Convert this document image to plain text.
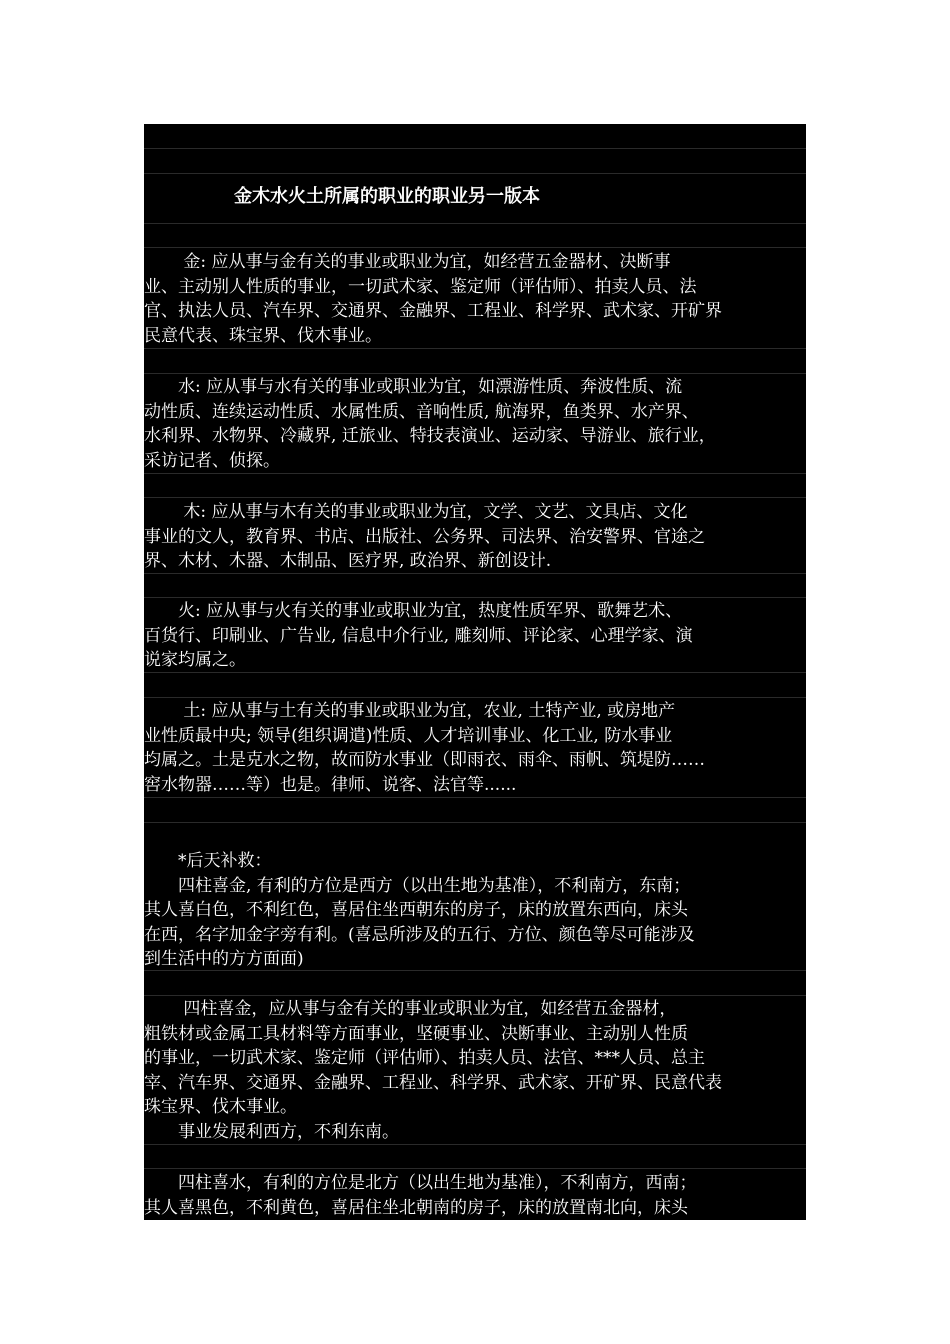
金木水火土所属的职业的职业另一版本
　　 金: 应从事与金有关的事业或职业为宜，如经营五金器材、决断事
业、主动别人性质的事业，一切武术家、鉴定师（评估师）、拍卖人员、法
官、执法人员、汽车界、交通界、金融界、工程业、科学界、武术家、开矿界
民意代表、珠宝界、伐木事业。
　　水: 应从事与水有关的事业或职业为宜，如漂游性质、奔波性质、流
动性质、连续运动性质、水属性质、音响性质, 航海界，鱼类界、水产界、
水利界、水物界、冷藏界, 迁旅业、特技表演业、运动家、导游业、旅行业，
采访记者、侦探。
　　 木: 应从事与木有关的事业或职业为宜，文学、文艺、文具店、文化
事业的文人，教育界、书店、出版社、公务界、司法界、治安警界、官途之
界、木材、木器、木制品、医疗界, 政治界、新创设计.
　　火: 应从事与火有关的事业或职业为宜，热度性质军界、歌舞艺术、
百货行、印刷业、广告业, 信息中介行业, 雕刻师、评论家、心理学家、演
说家均属之。
　　 土: 应从事与土有关的事业或职业为宜，农业, 土特产业, 或房地产
业性质最中央; 领导(组织调遣)性质、人才培训事业、化工业, 防水事业
均属之。土是克水之物，故而防水事业（即雨衣、雨伞、雨帆、筑堤防……
窖水物器……等）也是。律师、说客、法官等......
　　*后天补救：
　　四柱喜金, 有利的方位是西方（以出生地为基准），不利南方，东南；
其人喜白色，不利红色，喜居住坐西朝东的房子，床的放置东西向，床头
在西，名字加金字旁有利。(喜忌所涉及的五行、方位、颜色等尽可能涉及
到生活中的方方面面)
　　 四柱喜金，应从事与金有关的事业或职业为宜，如经营五金器材，
粗铁材或金属工具材料等方面事业，坚硬事业、决断事业、主动别人性质
的事业，一切武术家、鉴定师（评估师）、拍卖人员、法官、***人员、总主
宰、汽车界、交通界、金融界、工程业、科学界、武术家、开矿界、民意代表
珠宝界、伐木事业。
　　事业发展利西方，不利东南。
　　四柱喜水，有利的方位是北方（以出生地为基准），不利南方，西南；
其人喜黑色，不利黄色，喜居住坐北朝南的房子，床的放置南北向，床头
